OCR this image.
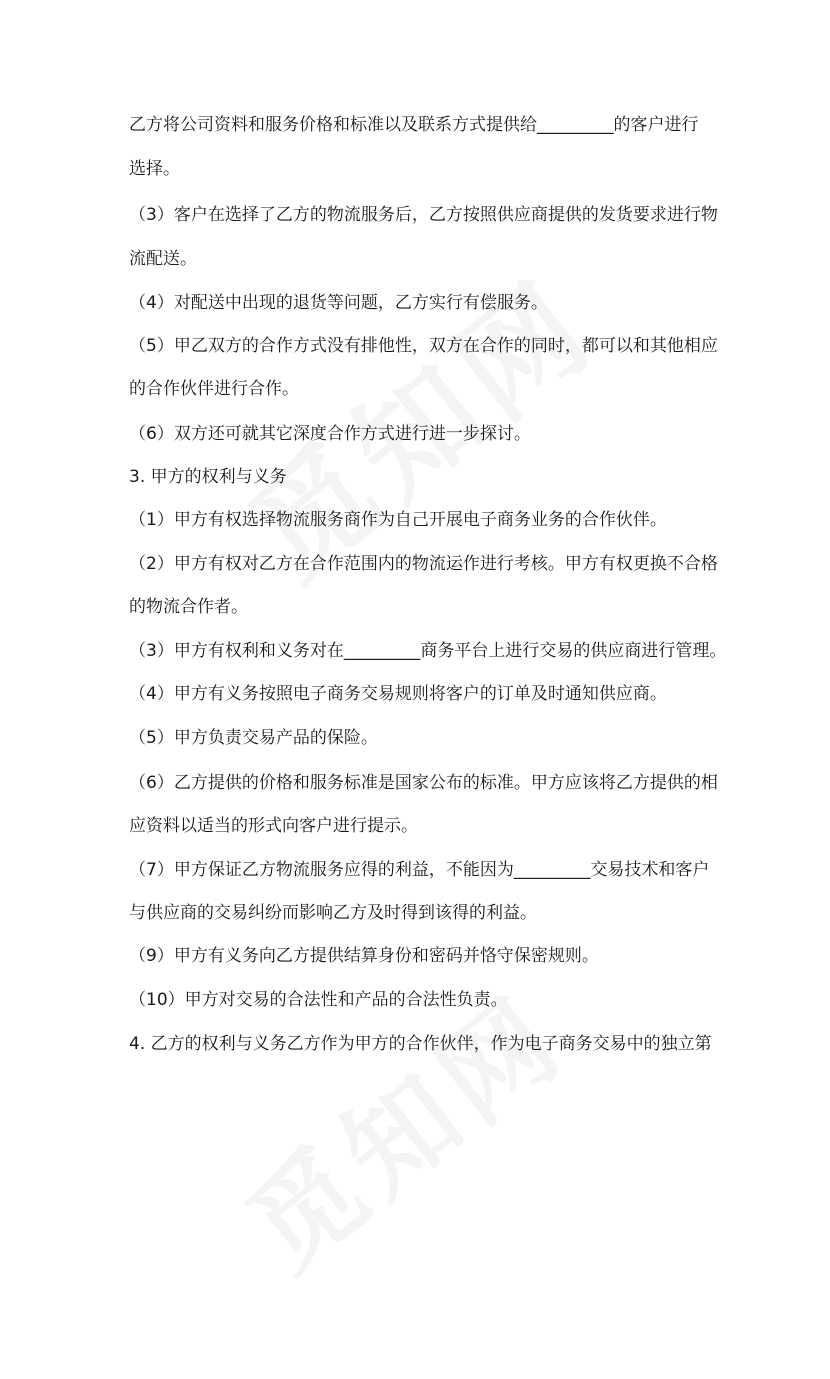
乙方将公司资料和服务价格和标准以及联系方式提供给_________的客户进行
选择。
（3）客户在选择了乙方的物流服务后，乙方按照供应商提供的发货要求进行物
流配送。
（4）对配送中出现的退货等问题，乙方实行有偿服务。
（5）甲乙双方的合作方式没有排他性，双方在合作的同时，都可以和其他相应
的合作伙伴进行合作。
（6）双方还可就其它深度合作方式进行进一步探讨。
3. 甲方的权利与义务
（1）甲方有权选择物流服务商作为自己开展电子商务业务的合作伙伴。
（2）甲方有权对乙方在合作范围内的物流运作进行考核。甲方有权更换不合格
的物流合作者。
（3）甲方有权利和义务对在_________商务平台上进行交易的供应商进行管理。
（4）甲方有义务按照电子商务交易规则将客户的订单及时通知供应商。
（5）甲方负责交易产品的保险。
（6）乙方提供的价格和服务标准是国家公布的标准。甲方应该将乙方提供的相
应资料以适当的形式向客户进行提示。
（7）甲方保证乙方物流服务应得的利益，不能因为_________交易技术和客户
与供应商的交易纠纷而影响乙方及时得到该得的利益。
（9）甲方有义务向乙方提供结算身份和密码并恪守保密规则。
（10）甲方对交易的合法性和产品的合法性负责。
4. 乙方的权利与义务乙方作为甲方的合作伙伴，作为电子商务交易中的独立第
